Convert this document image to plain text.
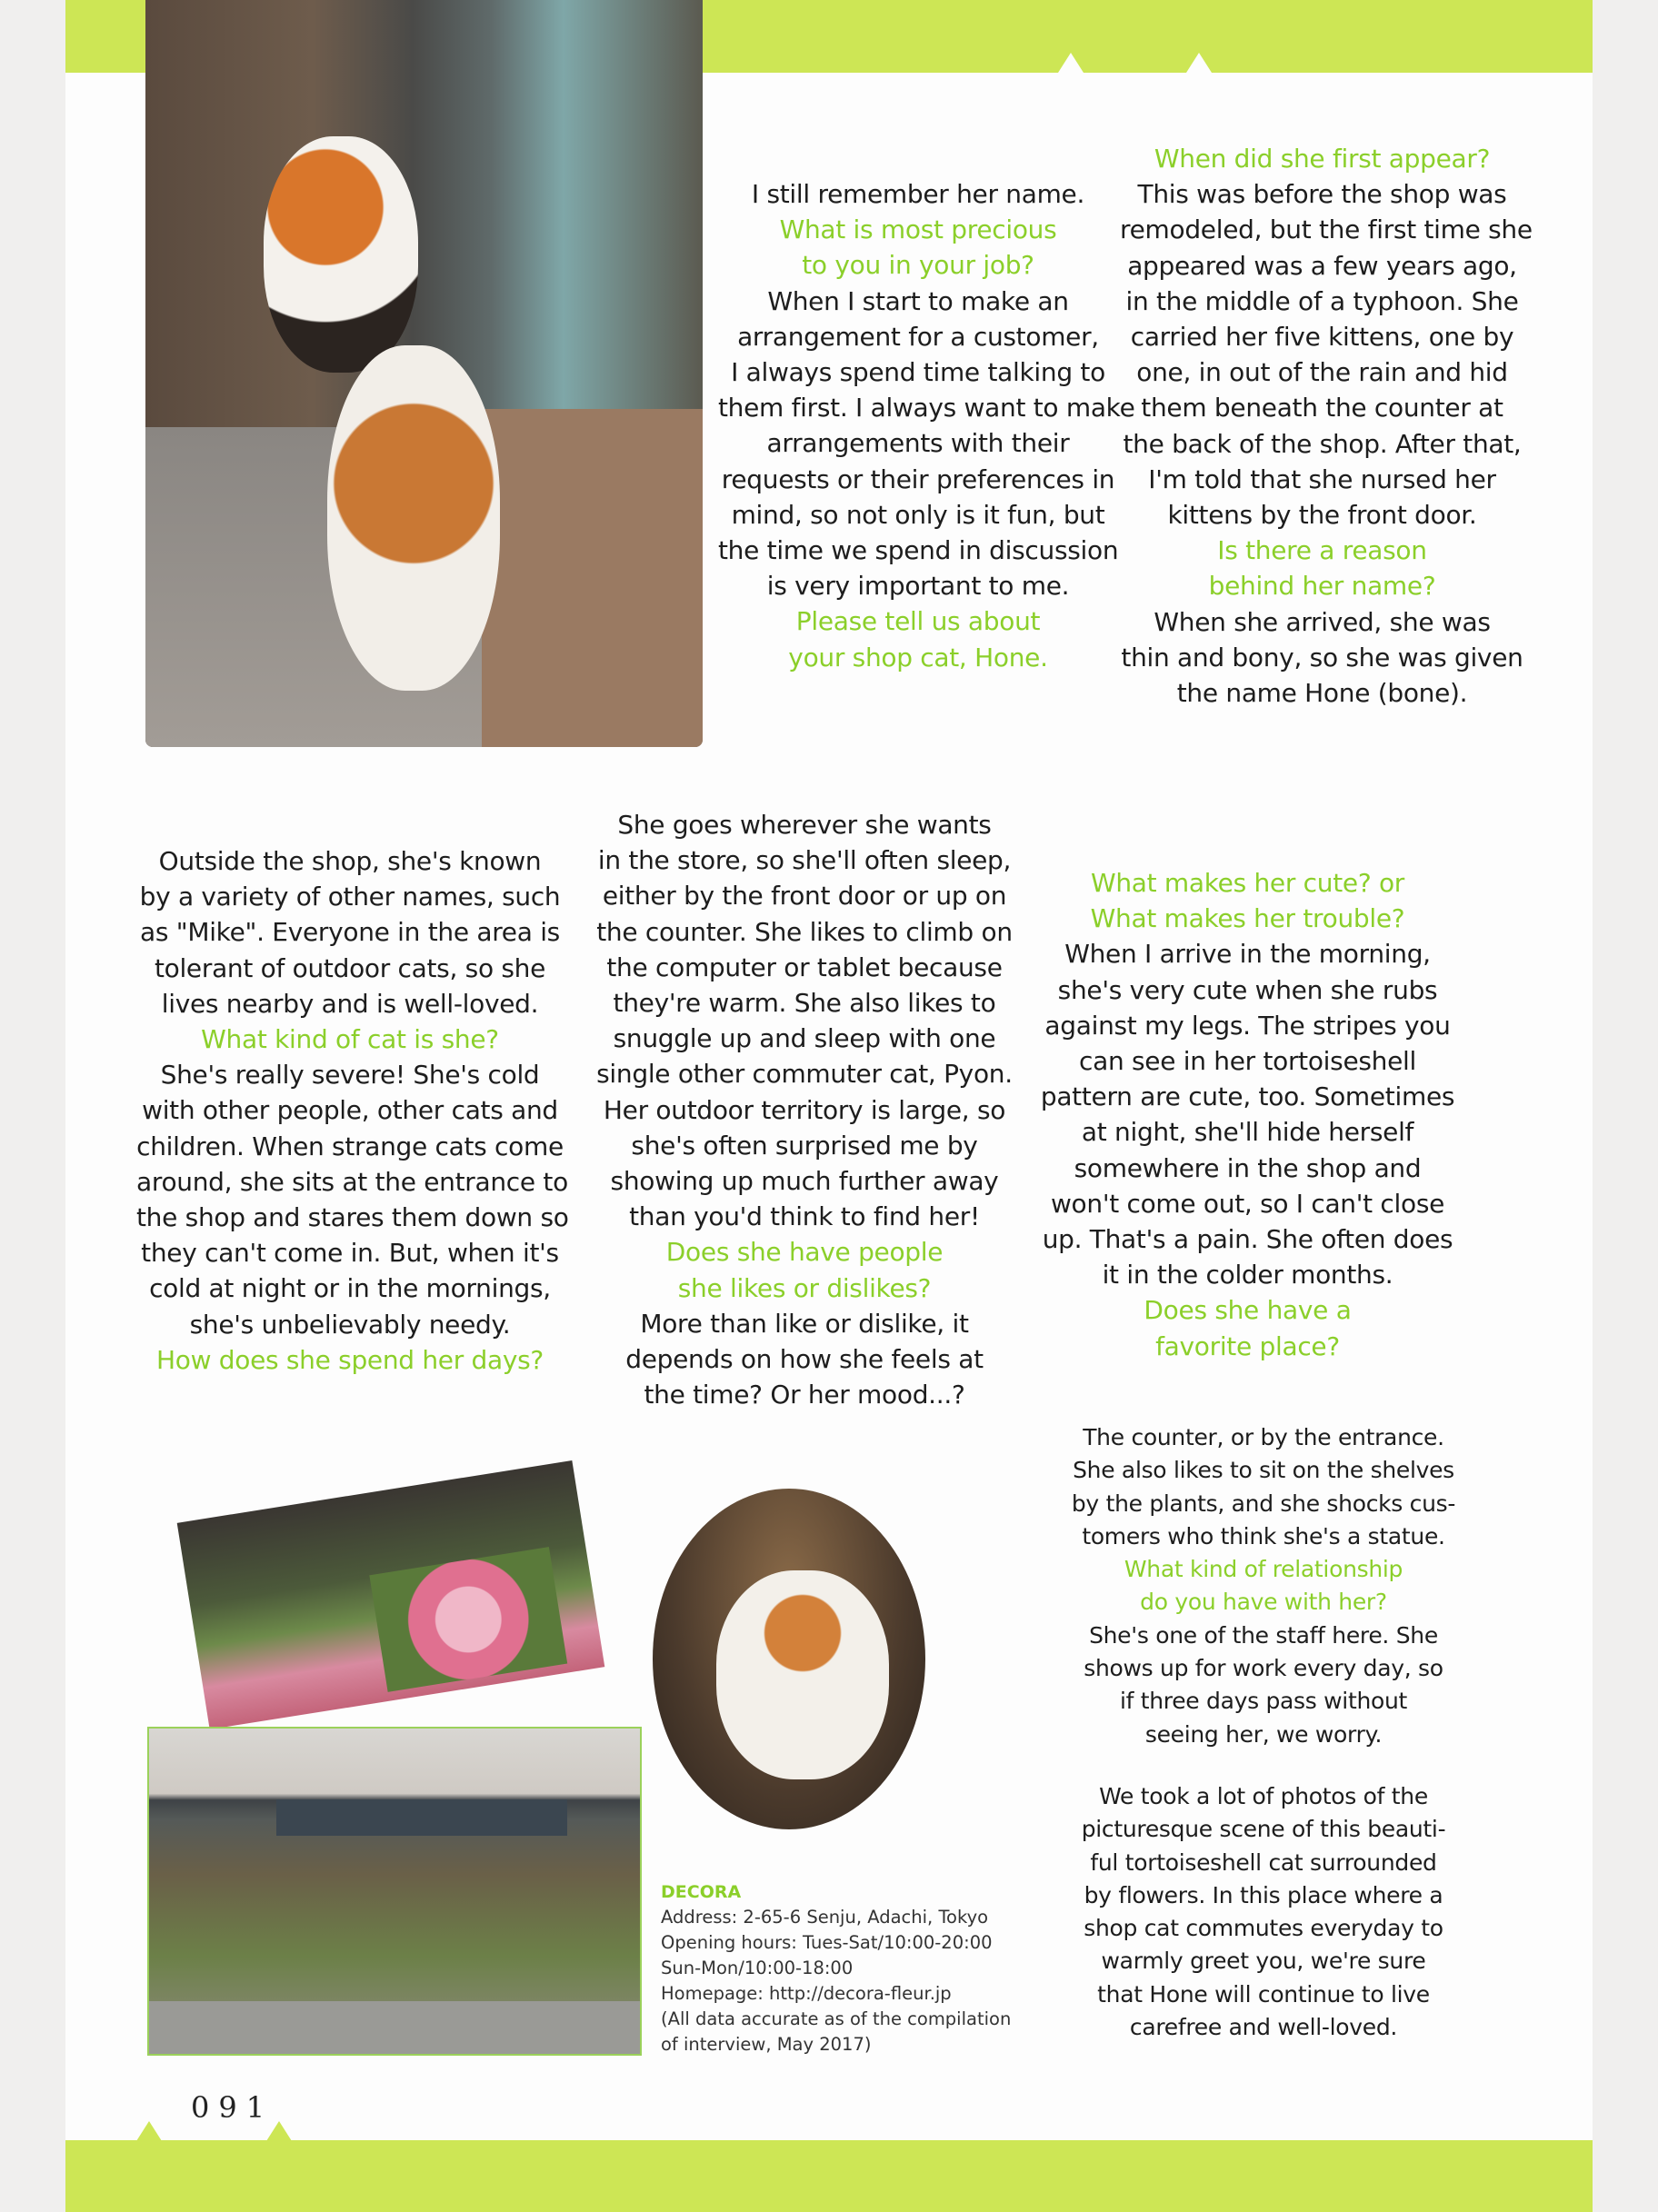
I still remember her name.
What is most precious
to you in your job?
When I start to make an
arrangement for a customer,
I always spend time talking to
them first. I always want to make
arrangements with their
requests or their preferences in
mind, so not only is it fun, but
the time we spend in discussion
is very important to me.
Please tell us about
your shop cat, Hone.
When did she first appear?
This was before the shop was
remodeled, but the first time she
appeared was a few years ago,
in the middle of a typhoon. She
carried her five kittens, one by
one, in out of the rain and hid
them beneath the counter at
the back of the shop. After that,
I'm told that she nursed her
kittens by the front door.
Is there a reason
behind her name?
When she arrived, she was
thin and bony, so she was given
the name Hone (bone).
Outside the shop, she's known
by a variety of other names, such
as "Mike". Everyone in the area is
tolerant of outdoor cats, so she
lives nearby and is well-loved.
What kind of cat is she?
She's really severe! She's cold
with other people, other cats and
children. When strange cats come
around, she sits at the entrance to
the shop and stares them down so
they can't come in. But, when it's
cold at night or in the mornings,
she's unbelievably needy.
How does she spend her days?
She goes wherever she wants
in the store, so she'll often sleep,
either by the front door or up on
the counter. She likes to climb on
the computer or tablet because
they're warm. She also likes to
snuggle up and sleep with one
single other commuter cat, Pyon.
Her outdoor territory is large, so
she's often surprised me by
showing up much further away
than you'd think to find her!
Does she have people
she likes or dislikes?
More than like or dislike, it
depends on how she feels at
the time? Or her mood...?
What makes her cute? or
What makes her trouble?
When I arrive in the morning,
she's very cute when she rubs
against my legs. The stripes you
can see in her tortoiseshell
pattern are cute, too. Sometimes
at night, she'll hide herself
somewhere in the shop and
won't come out, so I can't close
up. That's a pain. She often does
it in the colder months.
Does she have a
favorite place?
The counter, or by the entrance.
She also likes to sit on the shelves
by the plants, and she shocks cus-
tomers who think she's a statue.
What kind of relationship
do you have with her?
She's one of the staff here. She
shows up for work every day, so
if three days pass without
seeing her, we worry.
We took a lot of photos of the
picturesque scene of this beauti-
ful tortoiseshell cat surrounded
by flowers. In this place where a
shop cat commutes everyday to
warmly greet you, we're sure
that Hone will continue to live
carefree and well-loved.
DECORA
Address: 2-65-6 Senju, Adachi, Tokyo
Opening hours: Tues-Sat/10:00-20:00
Sun-Mon/10:00-18:00
Homepage: http://decora-fleur.jp
(All data accurate as of the compilation
of interview, May 2017)
091
